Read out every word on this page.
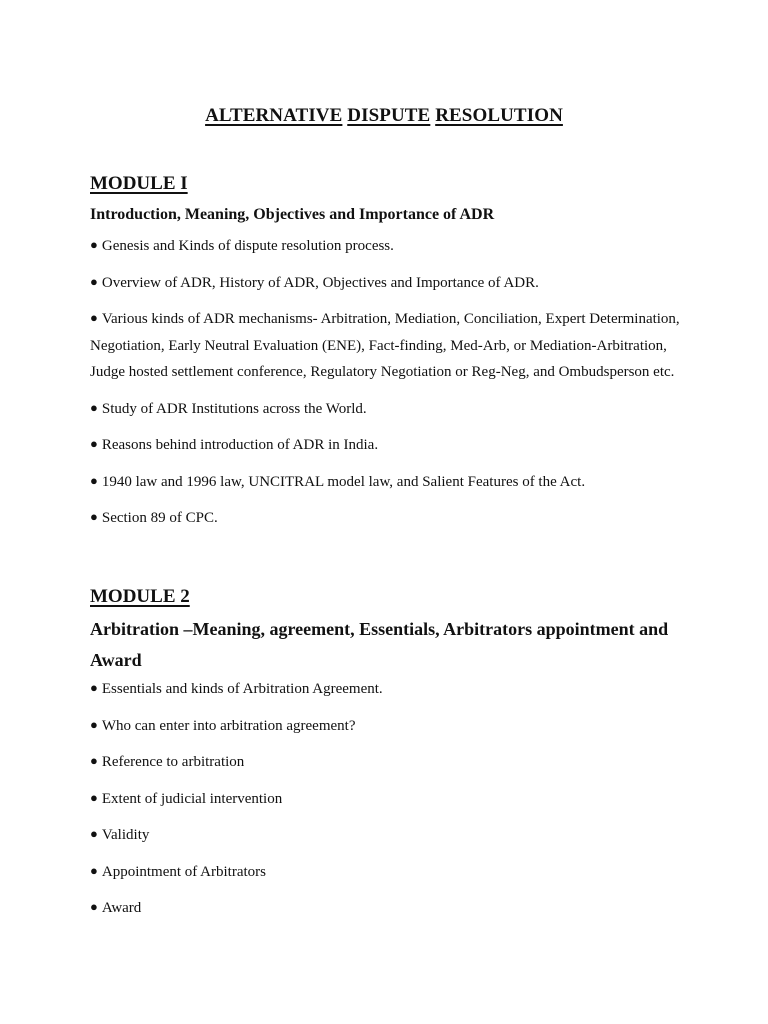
ALTERNATIVE DISPUTE RESOLUTION
MODULE I
Introduction, Meaning, Objectives and Importance of ADR
● Genesis and Kinds of dispute resolution process.
● Overview of ADR, History of ADR, Objectives and Importance of ADR.
● Various kinds of ADR mechanisms- Arbitration, Mediation, Conciliation, Expert Determination, Negotiation, Early Neutral Evaluation (ENE), Fact-finding, Med-Arb, or Mediation-Arbitration, Judge hosted settlement conference, Regulatory Negotiation or Reg-Neg, and Ombudsperson etc.
● Study of ADR Institutions across the World.
● Reasons behind introduction of ADR in India.
● 1940 law and 1996 law, UNCITRAL model law, and Salient Features of the Act.
● Section 89 of CPC.
MODULE 2
Arbitration –Meaning, agreement, Essentials, Arbitrators appointment and Award
● Essentials and kinds of Arbitration Agreement.
● Who can enter into arbitration agreement?
● Reference to arbitration
● Extent of judicial intervention
● Validity
● Appointment of Arbitrators
● Award
